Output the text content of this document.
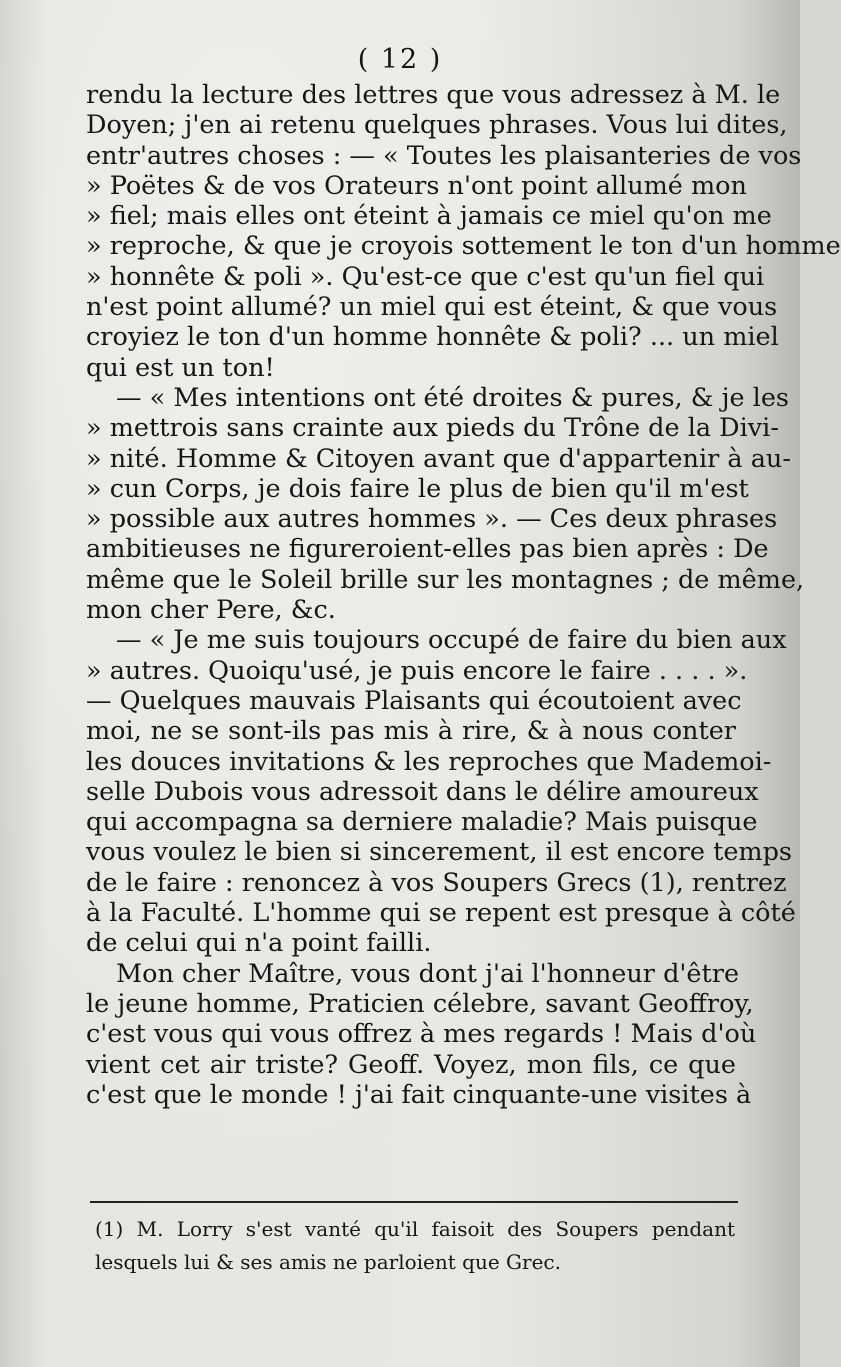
( 12 )
rendu la lecture des lettres que vous adressez à M. le
Doyen; j'en ai retenu quelques phrases. Vous lui dites,
entr'autres choses : — « Toutes les plaisanteries de vos
» Poëtes & de vos Orateurs n'ont point allumé mon
» fiel; mais elles ont éteint à jamais ce miel qu'on me
» reproche, & que je croyois sottement le ton d'un homme
» honnête & poli ». Qu'est-ce que c'est qu'un fiel qui
n'est point allumé? un miel qui est éteint, & que vous
croyiez le ton d'un homme honnête & poli? ... un miel
qui est un ton!
— « Mes intentions ont été droites & pures, & je les
» mettrois sans crainte aux pieds du Trône de la Divi-
» nité. Homme & Citoyen avant que d'appartenir à au-
» cun Corps, je dois faire le plus de bien qu'il m'est
» possible aux autres hommes ». — Ces deux phrases
ambitieuses ne figureroient-elles pas bien après : De
même que le Soleil brille sur les montagnes ; de même,
mon cher Pere, &c.
— « Je me suis toujours occupé de faire du bien aux
» autres. Quoiqu'usé, je puis encore le faire . . . . ».
— Quelques mauvais Plaisants qui écoutoient avec
moi, ne se sont-ils pas mis à rire, & à nous conter
les douces invitations & les reproches que Mademoi-
selle Dubois vous adressoit dans le délire amoureux
qui accompagna sa derniere maladie? Mais puisque
vous voulez le bien si sincerement, il est encore temps
de le faire : renoncez à vos Soupers Grecs (1), rentrez
à la Faculté. L'homme qui se repent est presque à côté
de celui qui n'a point failli.
Mon cher Maître, vous dont j'ai l'honneur d'être
le jeune homme, Praticien célebre, savant Geoffroy,
c'est vous qui vous offrez à mes regards ! Mais d'où
vient cet air triste? Geoff. Voyez, mon fils, ce que
c'est que le monde ! j'ai fait cinquante-une visites à
(1) M. Lorry s'est vanté qu'il faisoit des Soupers pendant
lesquels lui & ses amis ne parloient que Grec.
